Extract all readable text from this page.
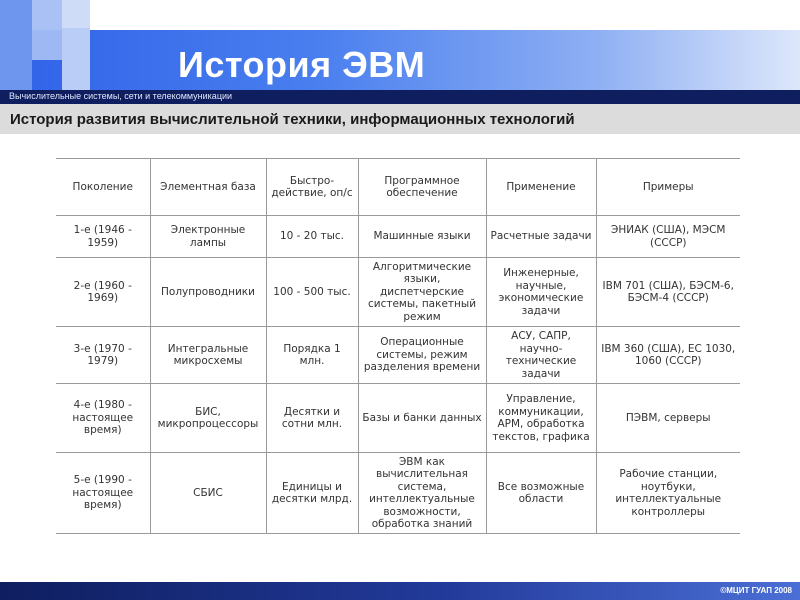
История ЭВМ
Вычислительные системы, сети и телекоммуникации
История развития вычислительной техники, информационных технологий
Поколение	Элементная база	Быстро-действие, оп/с	Программное обеспечение	Применение	Примеры
1-е (1946 - 1959)	Электронные лампы	10 - 20 тыс.	Машинные языки	Расчетные задачи	ЭНИАК (США), МЭСМ (СССР)
2-е (1960 - 1969)	Полупроводники	100 - 500 тыс.	Алгоритмические языки, диспетчерские системы, пакетный режим	Инженерные, научные, экономические задачи	IBM 701 (США), БЭСМ-6, БЭСМ-4 (СССР)
3-е (1970 - 1979)	Интегральные микросхемы	Порядка 1 млн.	Операционные системы, режим разделения времени	АСУ, САПР, научно-технические задачи	IBM 360 (США), ЕС 1030, 1060 (СССР)
4-е (1980 - настоящее время)	БИС, микропроцессоры	Десятки и сотни млн.	Базы и банки данных	Управление, коммуникации, АРМ, обработка текстов, графика	ПЭВМ, серверы
5-е (1990 - настоящее время)	СБИС	Единицы и десятки млрд.	ЭВМ как вычислительная система, интеллектуальные возможности, обработка знаний	Все возможные области	Рабочие станции, ноутбуки, интеллектуальные контроллеры
©МЦИТ ГУАП 2008
